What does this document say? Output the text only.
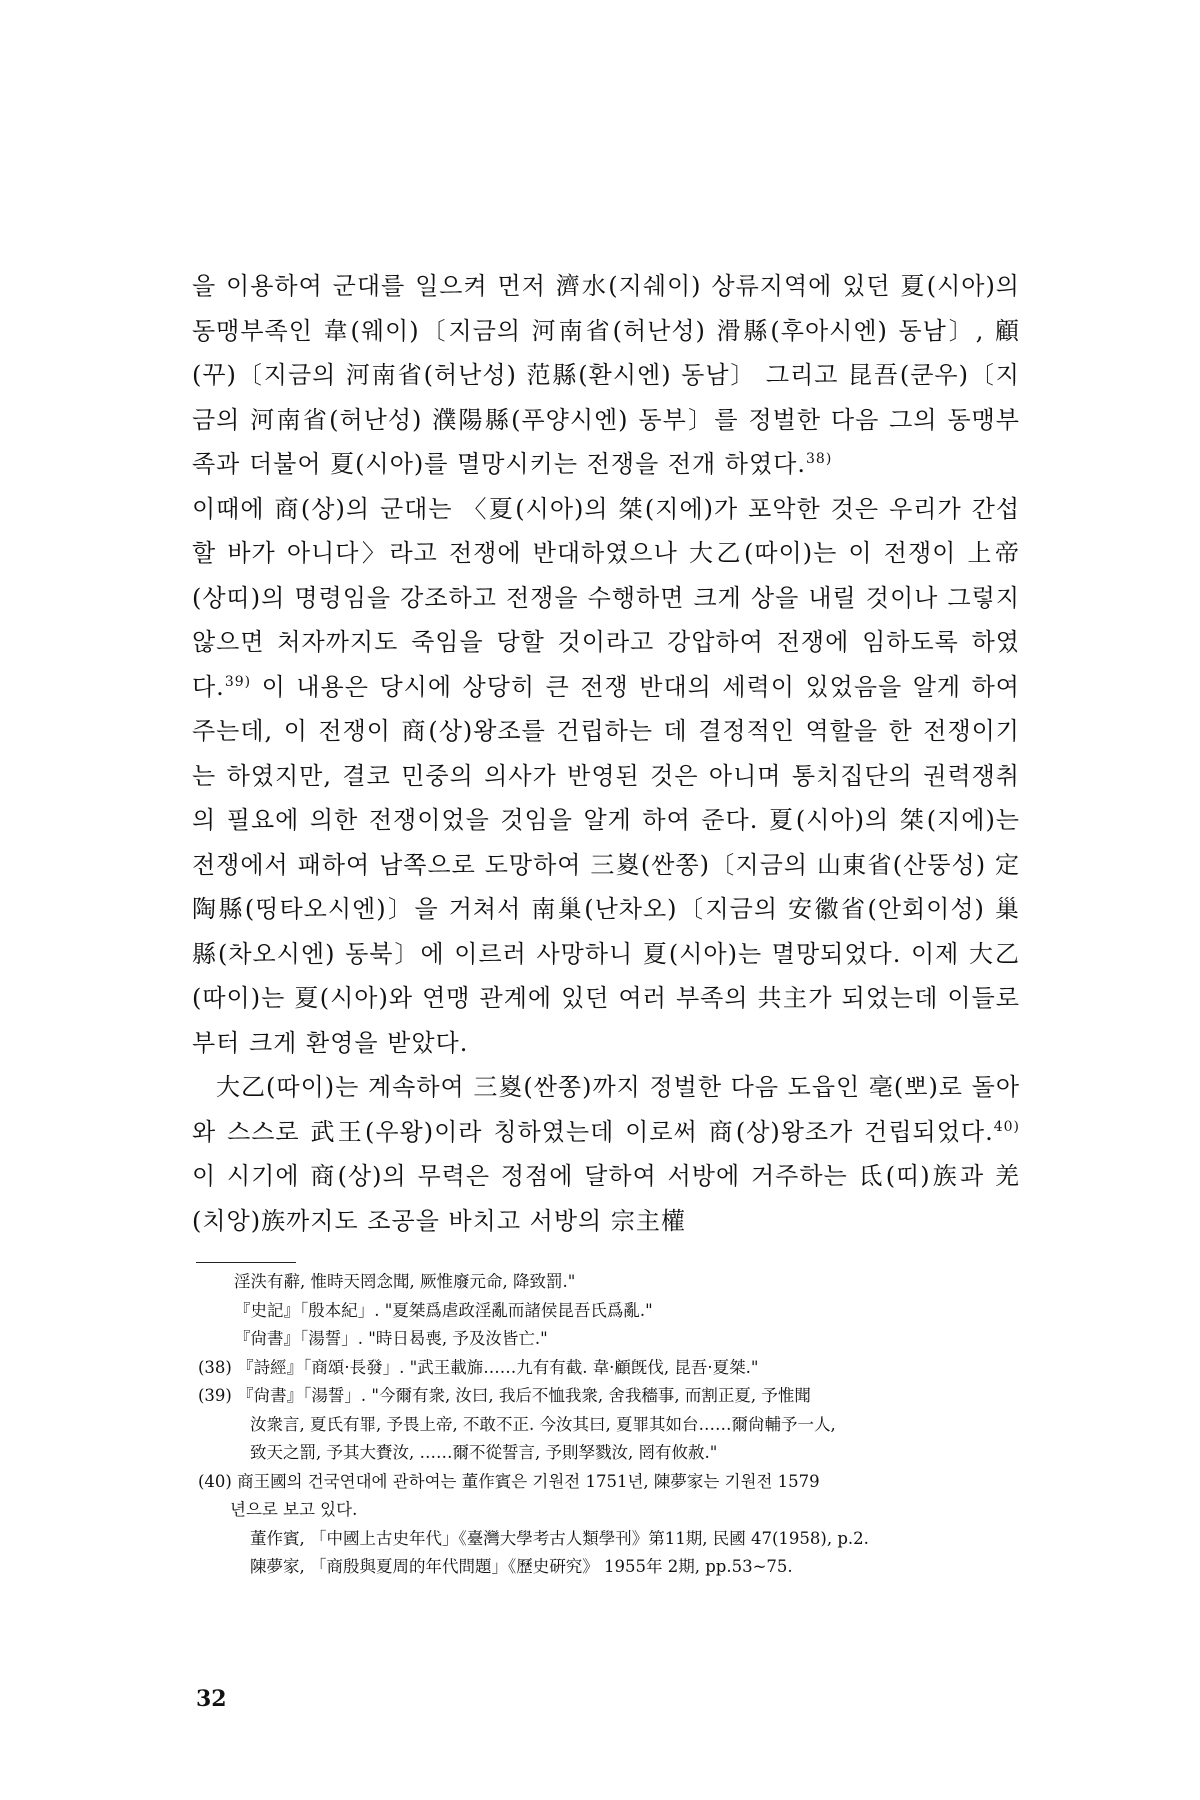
을 이용하여 군대를 일으켜 먼저 濟水(지쉐이) 상류지역에 있던 夏(시아)의 동맹부족인 韋(웨이)〔지금의 河南省(허난성) 滑縣(후아시엔) 동남〕, 顧(꾸)〔지금의 河南省(허난성) 范縣(환시엔) 동남〕 그리고 昆吾(쿤우)〔지금의 河南省(허난성) 濮陽縣(푸양시엔) 동부〕를 정벌한 다음 그의 동맹부족과 더불어 夏(시아)를 멸망시키는 전쟁을 전개 하였다.$^{38)}$

이때에 商(상)의 군대는 〈夏(시아)의 桀(지에)가 포악한 것은 우리가 간섭할 바가 아니다〉라고 전쟁에 반대하였으나 大乙(따이)는 이 전쟁이 上帝(상띠)의 명령임을 강조하고 전쟁을 수행하면 크게 상을 내릴 것이나 그렇지 않으면 처자까지도 죽임을 당할 것이라고 강압하여 전쟁에 임하도록 하였다.$^{39)}$ 이 내용은 당시에 상당히 큰 전쟁 반대의 세력이 있었음을 알게 하여 주는데, 이 전쟁이 商(상)왕조를 건립하는 데 결정적인 역할을 한 전쟁이기는 하였지만, 결코 민중의 의사가 반영된 것은 아니며 통치집단의 권력쟁취의 필요에 의한 전쟁이었을 것임을 알게 하여 준다. 夏(시아)의 桀(지에)는 전쟁에서 패하여 남쪽으로 도망하여 三嵏(싼쫑)〔지금의 山東省(산뚱성) 定陶縣(띵타오시엔)〕을 거쳐서 南巢(난차오)〔지금의 安徽省(안회이성) 巢縣(차오시엔) 동북〕에 이르러 사망하니 夏(시아)는 멸망되었다. 이제 大乙(따이)는 夏(시아)와 연맹 관계에 있던 여러 부족의 共主가 되었는데 이들로부터 크게 환영을 받았다.

大乙(따이)는 계속하여 三嵏(싼쫑)까지 정벌한 다음 도읍인 亳(뽀)로 돌아와 스스로 武王(우왕)이라 칭하였는데 이로써 商(상)왕조가 건립되었다.$^{40)}$ 이 시기에 商(상)의 무력은 정점에 달하여 서방에 거주하는 氐(띠)族과 羌(치앙)族까지도 조공을 바치고 서방의 宗主權

淫泆有辭, 惟時天罔念聞, 厥惟廢元命, 降致罰."
『史記』「殷本紀」. "夏桀爲虐政淫亂而諸侯昆吾氏爲亂."
『尙書』「湯誓」. "時日曷喪, 予及汝皆亡."
(38) 『詩經』「商頌·長發」. "武王載旆……九有有截. 韋·顧旣伐, 昆吾·夏桀."
(39) 『尙書』「湯誓」. "今爾有衆, 汝曰, 我后不恤我衆, 舍我穡事, 而割正夏, 予惟聞
汝衆言, 夏氏有罪, 予畏上帝, 不敢不正. 今汝其曰, 夏罪其如台……爾尙輔予一人,
致天之罰, 予其大賚汝, ……爾不從誓言, 予則孥戮汝, 罔有攸赦."
(40) 商王國의 건국연대에 관하여는 董作賓은 기원전 1751년, 陳夢家는 기원전 1579
년으로 보고 있다.
董作賓, 「中國上古史年代」《臺灣大學考古人類學刊》第11期, 民國 47(1958), p.2.
陳夢家, 「商殷與夏周的年代問題」《歷史硏究》 1955年 2期, pp.53~75.
32
